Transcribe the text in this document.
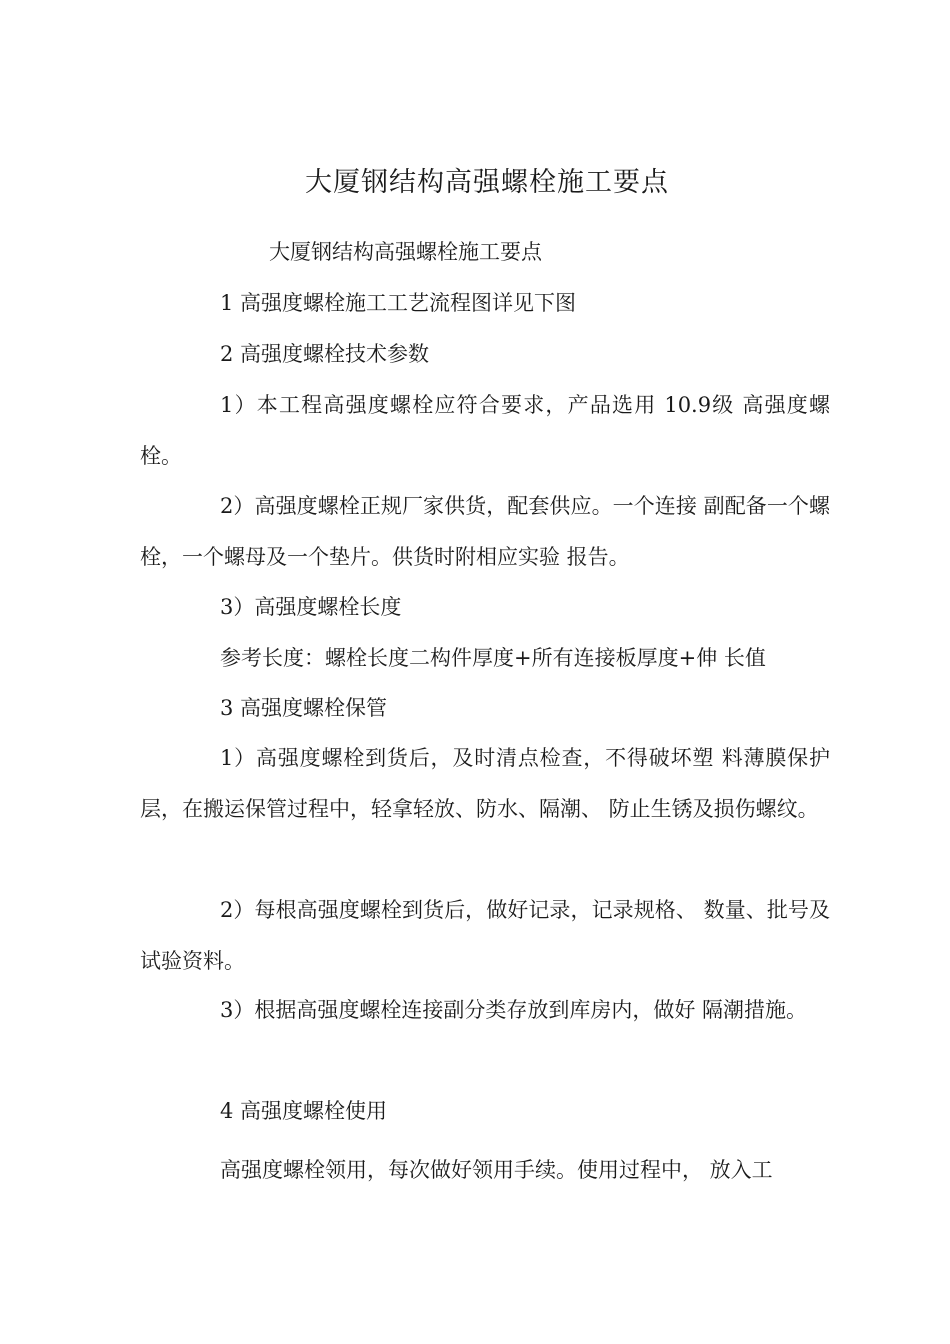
大厦钢结构高强螺栓施工要点

大厦钢结构高强螺栓施工要点

1 高强度螺栓施工工艺流程图详见下图

2 高强度螺栓技术参数

1）本工程高强度螺栓应符合要求，产品选用 10.9级 高强度螺栓。

2）高强度螺栓正规厂家供货，配套供应。一个连接 副配备一个螺栓，一个螺母及一个垫片。供货时附相应实验 报告。

3）高强度螺栓长度

参考长度：螺栓长度二构件厚度+所有连接板厚度+伸 长值

3 高强度螺栓保管

1）高强度螺栓到货后，及时清点检查，不得破坏塑 料薄膜保护层，在搬运保管过程中，轻拿轻放、防水、隔潮、 防止生锈及损伤螺纹。

2）每根高强度螺栓到货后，做好记录，记录规格、 数量、批号及试验资料。

3）根据高强度螺栓连接副分类存放到库房内，做好 隔潮措施。

4 高强度螺栓使用

高强度螺栓领用，每次做好领用手续。使用过程中， 放入工
